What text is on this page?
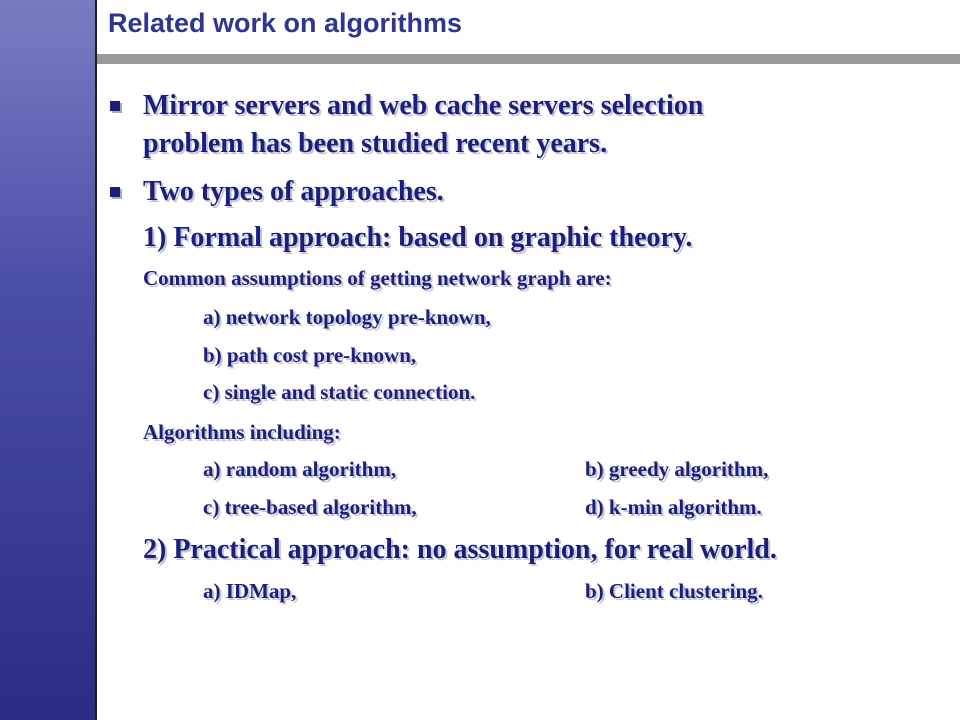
Related work on algorithms
Mirror servers and web cache servers selection
problem has been studied recent years.
Two types of approaches.
1) Formal approach: based on graphic theory.
Common assumptions of getting network graph are:
a) network topology pre-known,
b) path cost pre-known,
c) single and static connection.
Algorithms including:
a) random algorithm,	b) greedy algorithm,
c) tree-based algorithm,	d) k-min algorithm.
2) Practical approach: no assumption, for real world.
a) IDMap,	b) Client clustering.
